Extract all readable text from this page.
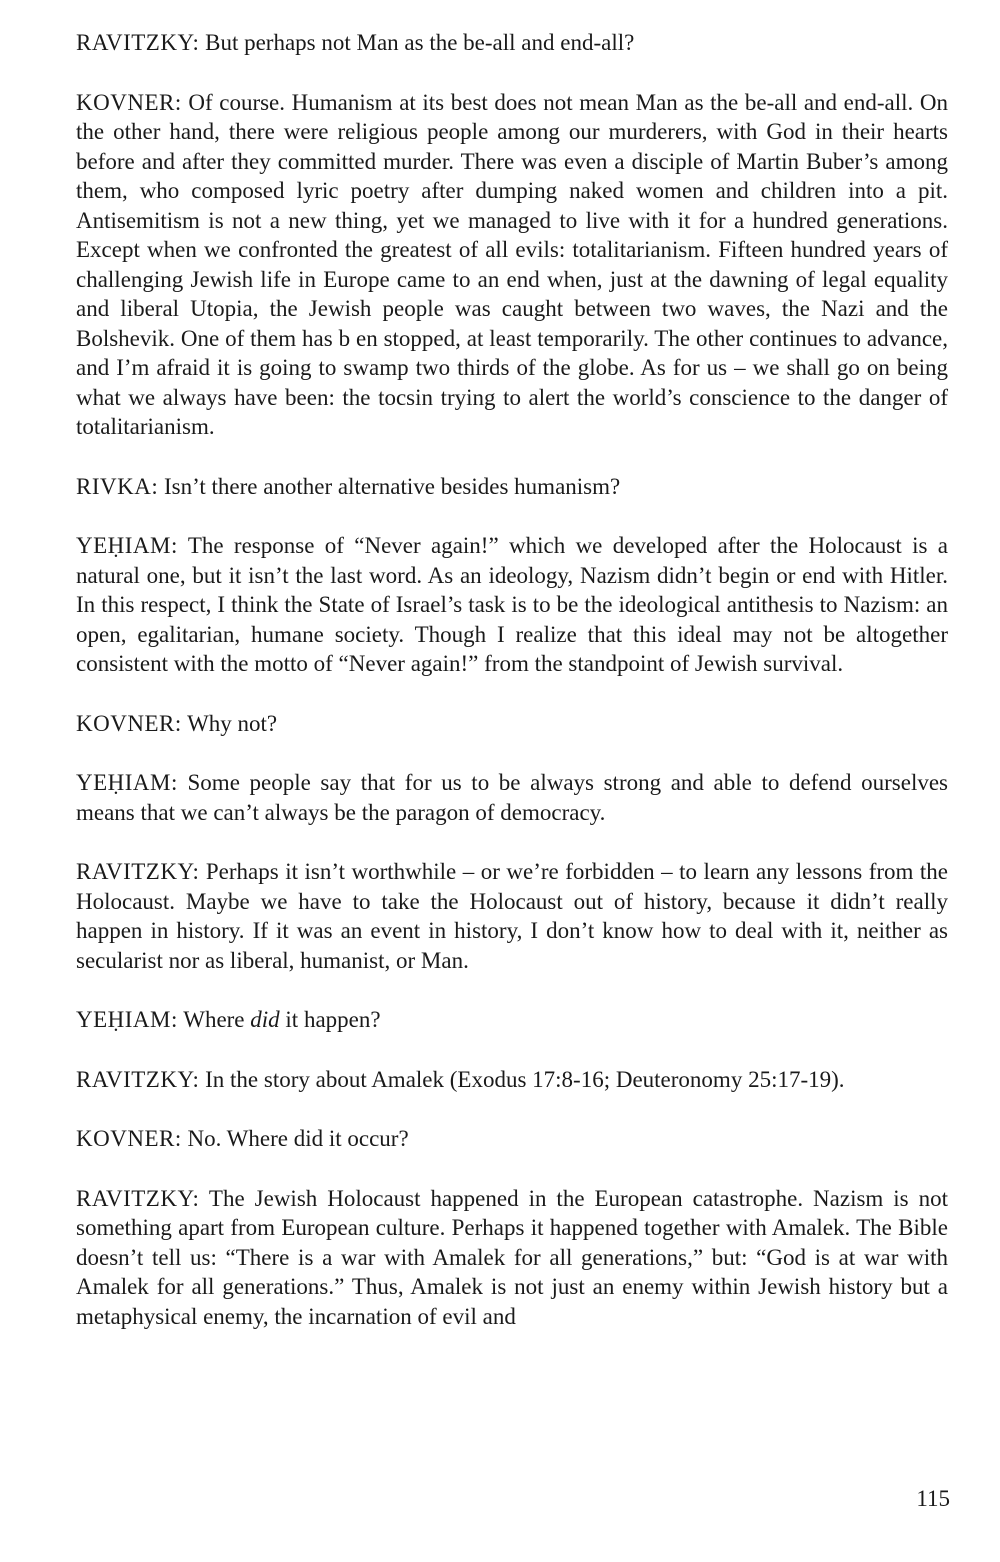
RAVITZKY: But perhaps not Man as the be-all and end-all?

KOVNER: Of course. Humanism at its best does not mean Man as the be-all and end-all. On the other hand, there were religious people among our murderers, with God in their hearts before and after they committed murder. There was even a disciple of Martin Buber’s among them, who composed lyric poetry after dumping naked women and children into a pit. Antisemitism is not a new thing, yet we managed to live with it for a hundred generations. Except when we confronted the greatest of all evils: totalitarianism. Fifteen hundred years of challenging Jewish life in Europe came to an end when, just at the dawning of legal equality and liberal Utopia, the Jewish people was caught between two waves, the Nazi and the Bolshevik. One of them has b en stopped, at least temporarily. The other continues to advance, and I’m afraid it is going to swamp two thirds of the globe. As for us – we shall go on being what we always have been: the tocsin trying to alert the world’s conscience to the danger of totalitarianism.

RIVKA: Isn’t there another alternative besides humanism?

YEḤIAM: The response of “Never again!” which we developed after the Holocaust is a natural one, but it isn’t the last word. As an ideology, Nazism didn’t begin or end with Hitler. In this respect, I think the State of Israel’s task is to be the ideological antithesis to Nazism: an open, egalitarian, humane society. Though I realize that this ideal may not be altogether consistent with the motto of “Never again!” from the standpoint of Jewish survival.

KOVNER: Why not?

YEḤIAM: Some people say that for us to be always strong and able to defend ourselves means that we can’t always be the paragon of democracy.

RAVITZKY: Perhaps it isn’t worthwhile – or we’re forbidden – to learn any lessons from the Holocaust. Maybe we have to take the Holocaust out of history, because it didn’t really happen in history. If it was an event in history, I don’t know how to deal with it, neither as secularist nor as liberal, humanist, or Man.

YEḤIAM: Where did it happen?

RAVITZKY: In the story about Amalek (Exodus 17:8-16; Deuteronomy 25:17-19).

KOVNER: No. Where did it occur?

RAVITZKY: The Jewish Holocaust happened in the European catastrophe. Nazism is not something apart from European culture. Perhaps it happened together with Amalek. The Bible doesn’t tell us: “There is a war with Amalek for all generations,” but: “God is at war with Amalek for all generations.” Thus, Amalek is not just an enemy within Jewish history but a metaphysical enemy, the incarnation of evil and

115
